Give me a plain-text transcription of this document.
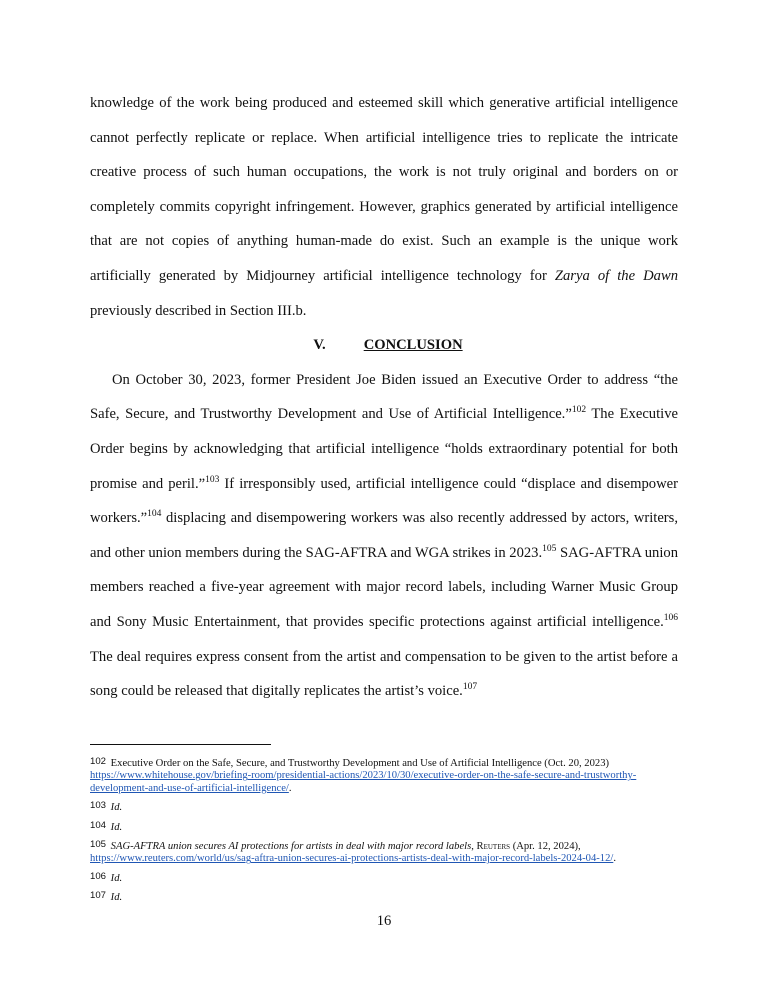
knowledge of the work being produced and esteemed skill which generative artificial intelligence cannot perfectly replicate or replace. When artificial intelligence tries to replicate the intricate creative process of such human occupations, the work is not truly original and borders on or completely commits copyright infringement. However, graphics generated by artificial intelligence that are not copies of anything human-made do exist. Such an example is the unique work artificially generated by Midjourney artificial intelligence technology for Zarya of the Dawn previously described in Section III.b.

V.	CONCLUSION

On October 30, 2023, former President Joe Biden issued an Executive Order to address “the Safe, Secure, and Trustworthy Development and Use of Artificial Intelligence.”$^{102}$ The Executive Order begins by acknowledging that artificial intelligence “holds extraordinary potential for both promise and peril.”$^{103}$ If irresponsibly used, artificial intelligence could “displace and disempower workers.”$^{104}$ displacing and disempowering workers was also recently addressed by actors, writers, and other union members during the SAG-AFTRA and WGA strikes in 2023.$^{105}$ SAG-AFTRA union members reached a five-year agreement with major record labels, including Warner Music Group and Sony Music Entertainment, that provides specific protections against artificial intelligence.$^{106}$ The deal requires express consent from the artist and compensation to be given to the artist before a song could be released that digitally replicates the artist’s voice.$^{107}$

102 Executive Order on the Safe, Secure, and Trustworthy Development and Use of Artificial Intelligence (Oct. 20, 2023)
https://www.whitehouse.gov/briefing-room/presidential-actions/2023/10/30/executive-order-on-the-safe-secure-and-trustworthy-development-and-use-of-artificial-intelligence/.

103 Id.

104 Id.

105 SAG-AFTRA union secures AI protections for artists in deal with major record labels, Reuters (Apr. 12, 2024),
https://www.reuters.com/world/us/sag-aftra-union-secures-ai-protections-artists-deal-with-major-record-labels-2024-04-12/.

106 Id.

107 Id.

16
